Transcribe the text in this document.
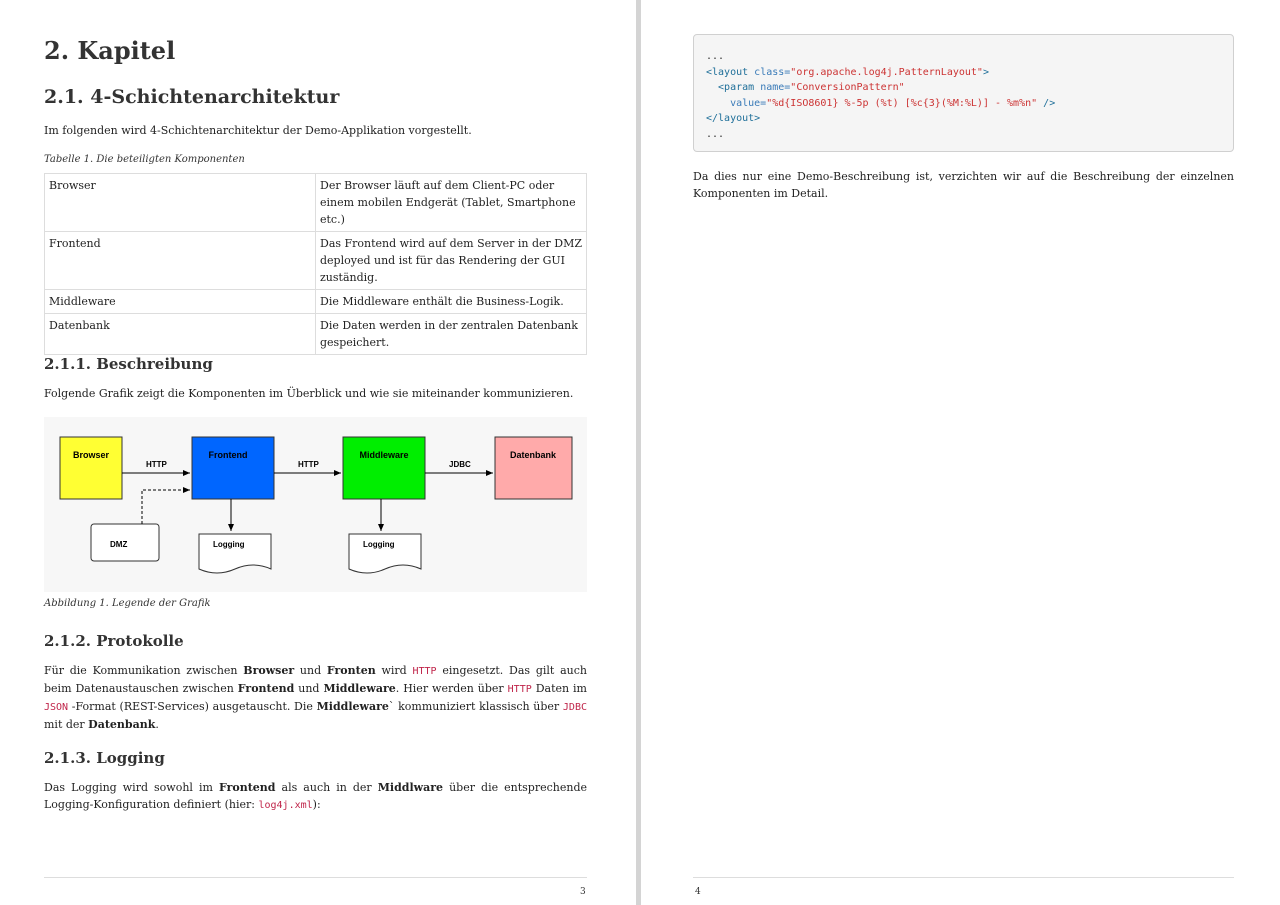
2. Kapitel
2.1. 4-Schichtenarchitektur

Im folgenden wird 4-Schichtenarchitektur der Demo-Applikation vorgestellt.

Tabelle 1. Die beteiligten Komponenten

Browser	Der Browser läuft auf dem Client-PC oder einem mobilen Endgerät (Tablet, Smartphone etc.)
Frontend	Das Frontend wird auf dem Server in der DMZ deployed und ist für das Rendering der GUI zuständig.
Middleware	Die Middleware enthält die Business-Logik.
Datenbank	Die Daten werden in der zentralen Datenbank gespeichert.
2.1.1. Beschreibung

Folgende Grafik zeigt die Komponenten im Überblick und wie sie miteinander kommunizieren.

Browser	Frontend	Middleware	Datenbank
DMZ	Logging	Logging
HTTP	HTTP	JDBC

Abbildung 1. Legende der Grafik

2.1.2. Protokolle

Für die Kommunikation zwischen Browser und Fronten wird HTTP eingesetzt. Das gilt auch beim Datenaustauschen zwischen Frontend und Middleware. Hier werden über HTTP Daten im JSON -Format (REST-Services) ausgetauscht. Die Middleware` kommuniziert klassisch über JDBC mit der Datenbank.

2.1.3. Logging

Das Logging wird sowohl im Frontend als auch in der Middlware über die entsprechende Logging-Konfiguration definiert (hier: log4j.xml):

3
...
<layout class="org.apache.log4j.PatternLayout">
<param name="ConversionPattern"
value="%d{ISO8601} %-5p (%t) [%c{3}(%M:%L)] - %m%n" />
</layout>
...

Da dies nur eine Demo-Beschreibung ist, verzichten wir auf die Beschreibung der einzelnen Komponenten im Detail.

4
